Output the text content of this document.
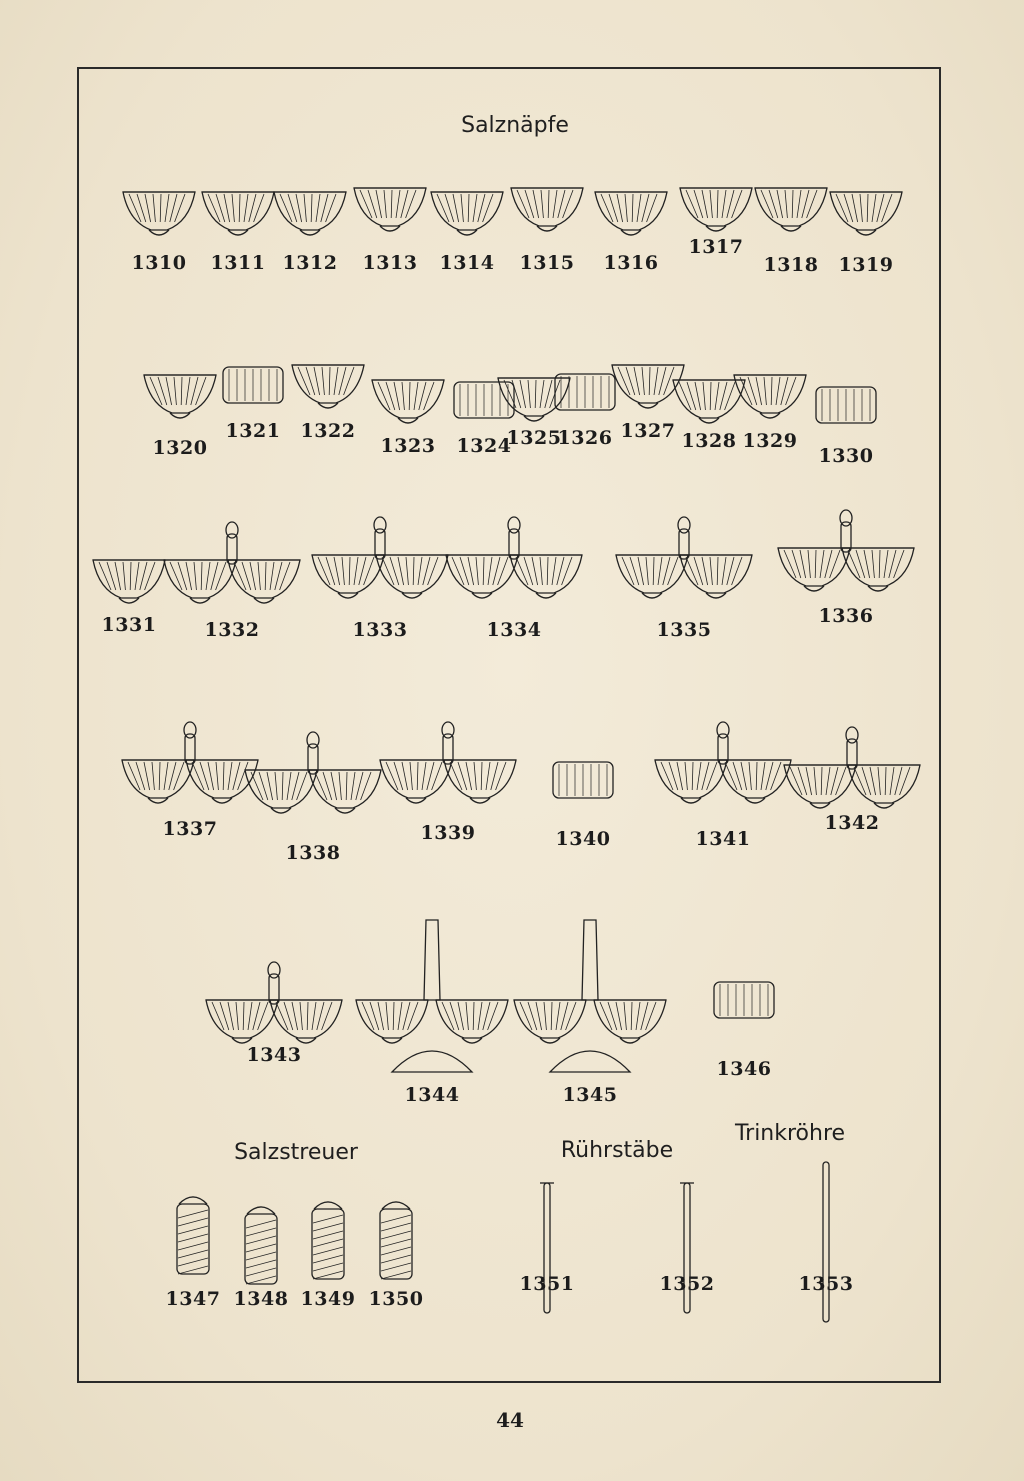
Salznäpfe
Salzstreuer	Rührstäbe
Trinkröhre
1310 1311 1312 1313 1314 1315 1316
1317
1318 1319
1320
1321 1322
1323 1324
1325
1326 1327 1328 1329
1330
1331	1332	1333	1334	1335
1336
1337
1338
1339	1340	1341
1342
1343
1344	1345
1346
1347 1348 1349 1350
1351	1352	1353
44
